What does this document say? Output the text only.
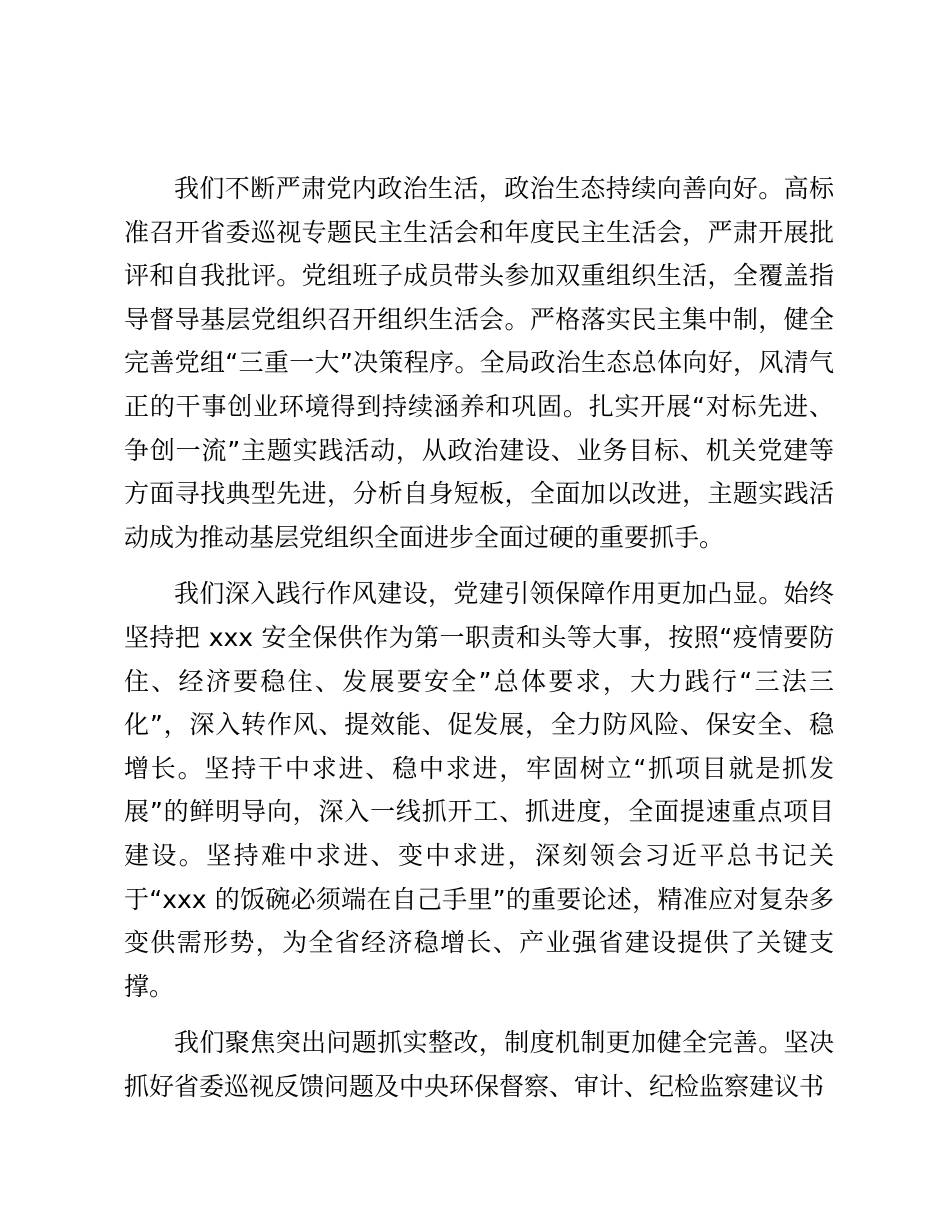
我们不断严肃党内政治生活，政治生态持续向善向好。高标准召开省委巡视专题民主生活会和年度民主生活会，严肃开展批评和自我批评。党组班子成员带头参加双重组织生活，全覆盖指导督导基层党组织召开组织生活会。严格落实民主集中制，健全完善党组“三重一大”决策程序。全局政治生态总体向好，风清气正的干事创业环境得到持续涵养和巩固。扎实开展“对标先进、争创一流”主题实践活动，从政治建设、业务目标、机关党建等方面寻找典型先进，分析自身短板，全面加以改进，主题实践活动成为推动基层党组织全面进步全面过硬的重要抓手。

我们深入践行作风建设，党建引领保障作用更加凸显。始终坚持把 xxx 安全保供作为第一职责和头等大事，按照“疫情要防住、经济要稳住、发展要安全”总体要求，大力践行“三法三化”，深入转作风、提效能、促发展，全力防风险、保安全、稳增长。坚持干中求进、稳中求进，牢固树立“抓项目就是抓发展”的鲜明导向，深入一线抓开工、抓进度，全面提速重点项目建设。坚持难中求进、变中求进，深刻领会习近平总书记关于“xxx 的饭碗必须端在自己手里”的重要论述，精准应对复杂多变供需形势，为全省经济稳增长、产业强省建设提供了关键支撑。

我们聚焦突出问题抓实整改，制度机制更加健全完善。坚决抓好省委巡视反馈问题及中央环保督察、审计、纪检监察建议书
